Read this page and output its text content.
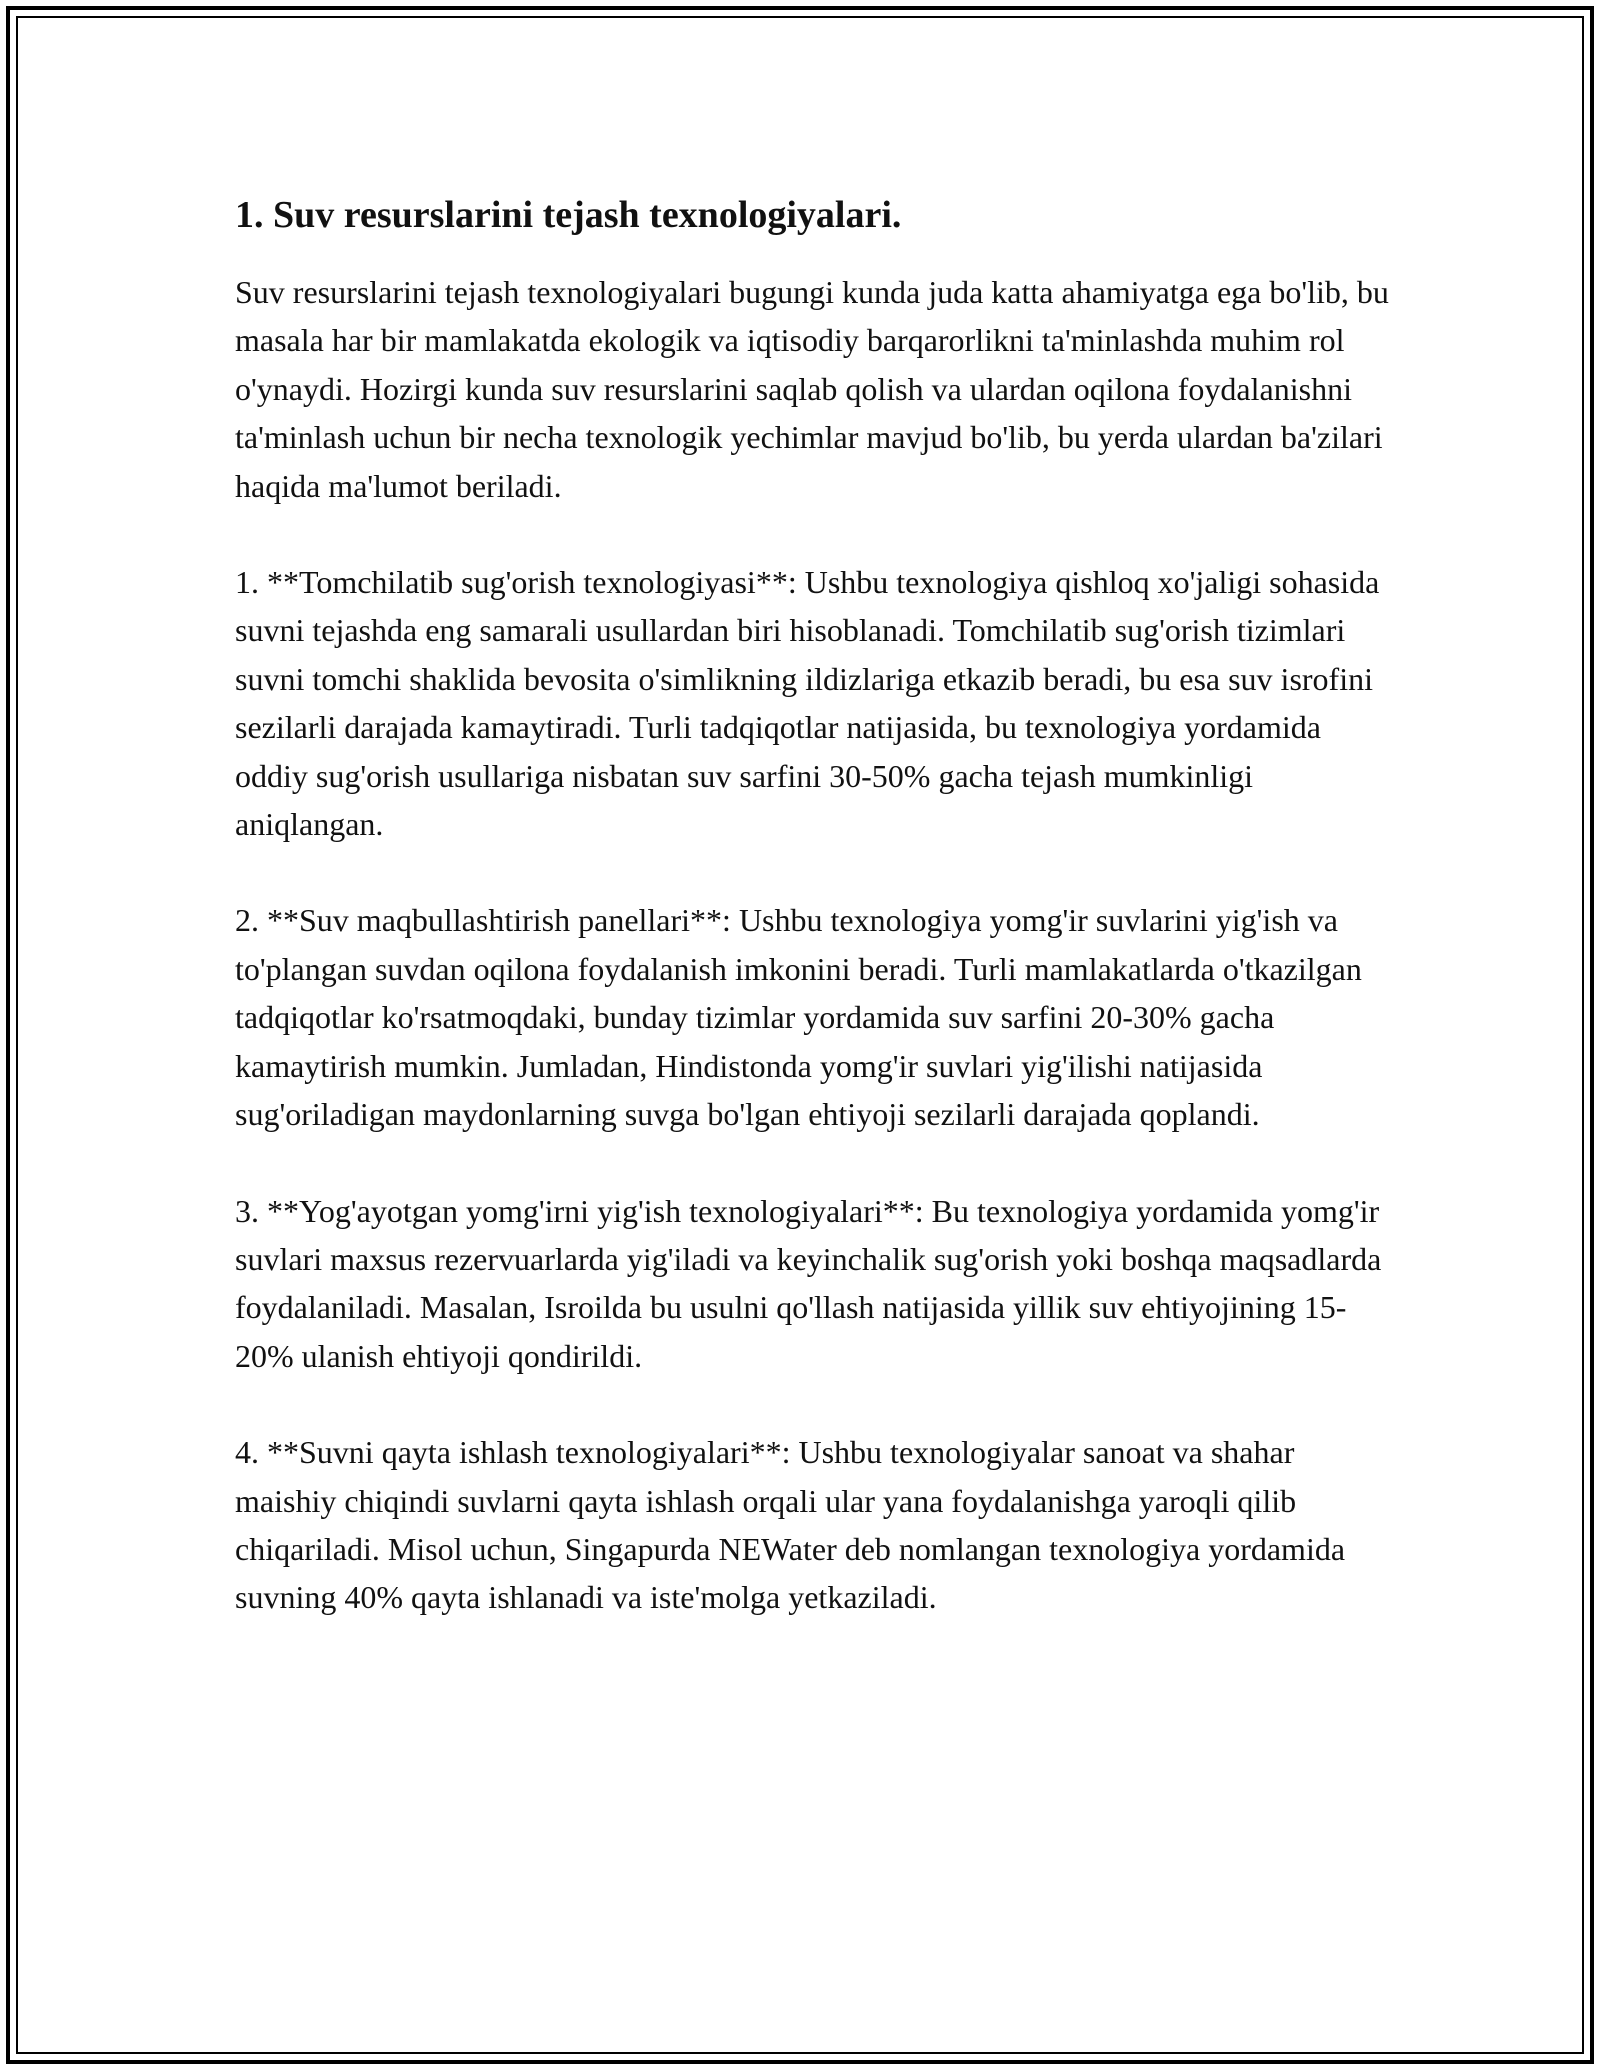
1. Suv resurslarini tejash texnologiyalari.

Suv resurslarini tejash texnologiyalari bugungi kunda juda katta ahamiyatga ega bo'lib, bu masala har bir mamlakatda ekologik va iqtisodiy barqarorlikni ta'minlashda muhim rol o'ynaydi. Hozirgi kunda suv resurslarini saqlab qolish va ulardan oqilona foydalanishni ta'minlash uchun bir necha texnologik yechimlar mavjud bo'lib, bu yerda ulardan ba'zilari haqida ma'lumot beriladi.

1. **Tomchilatib sug'orish texnologiyasi**: Ushbu texnologiya qishloq xo'jaligi sohasida suvni tejashda eng samarali usullardan biri hisoblanadi. Tomchilatib sug'orish tizimlari suvni tomchi shaklida bevosita o'simlikning ildizlariga etkazib beradi, bu esa suv isrofini sezilarli darajada kamaytiradi. Turli tadqiqotlar natijasida, bu texnologiya yordamida oddiy sug'orish usullariga nisbatan suv sarfini 30-50% gacha tejash mumkinligi aniqlangan.

2. **Suv maqbullashtirish panellari**: Ushbu texnologiya yomg'ir suvlarini yig'ish va to'plangan suvdan oqilona foydalanish imkonini beradi. Turli mamlakatlarda o'tkazilgan tadqiqotlar ko'rsatmoqdaki, bunday tizimlar yordamida suv sarfini 20-30% gacha kamaytirish mumkin. Jumladan, Hindistonda yomg'ir suvlari yig'ilishi natijasida sug'oriladigan maydonlarning suvga bo'lgan ehtiyoji sezilarli darajada qoplandi.

3. **Yog'ayotgan yomg'irni yig'ish texnologiyalari**: Bu texnologiya yordamida yomg'ir suvlari maxsus rezervuarlarda yig'iladi va keyinchalik sug'orish yoki boshqa maqsadlarda foydalaniladi. Masalan, Isroilda bu usulni qo'llash natijasida yillik suv ehtiyojining 15-20% ulanish ehtiyoji qondirildi.

4. **Suvni qayta ishlash texnologiyalari**: Ushbu texnologiyalar sanoat va shahar maishiy chiqindi suvlarni qayta ishlash orqali ular yana foydalanishga yaroqli qilib chiqariladi. Misol uchun, Singapurda NEWater deb nomlangan texnologiya yordamida suvning 40% qayta ishlanadi va iste'molga yetkaziladi.
